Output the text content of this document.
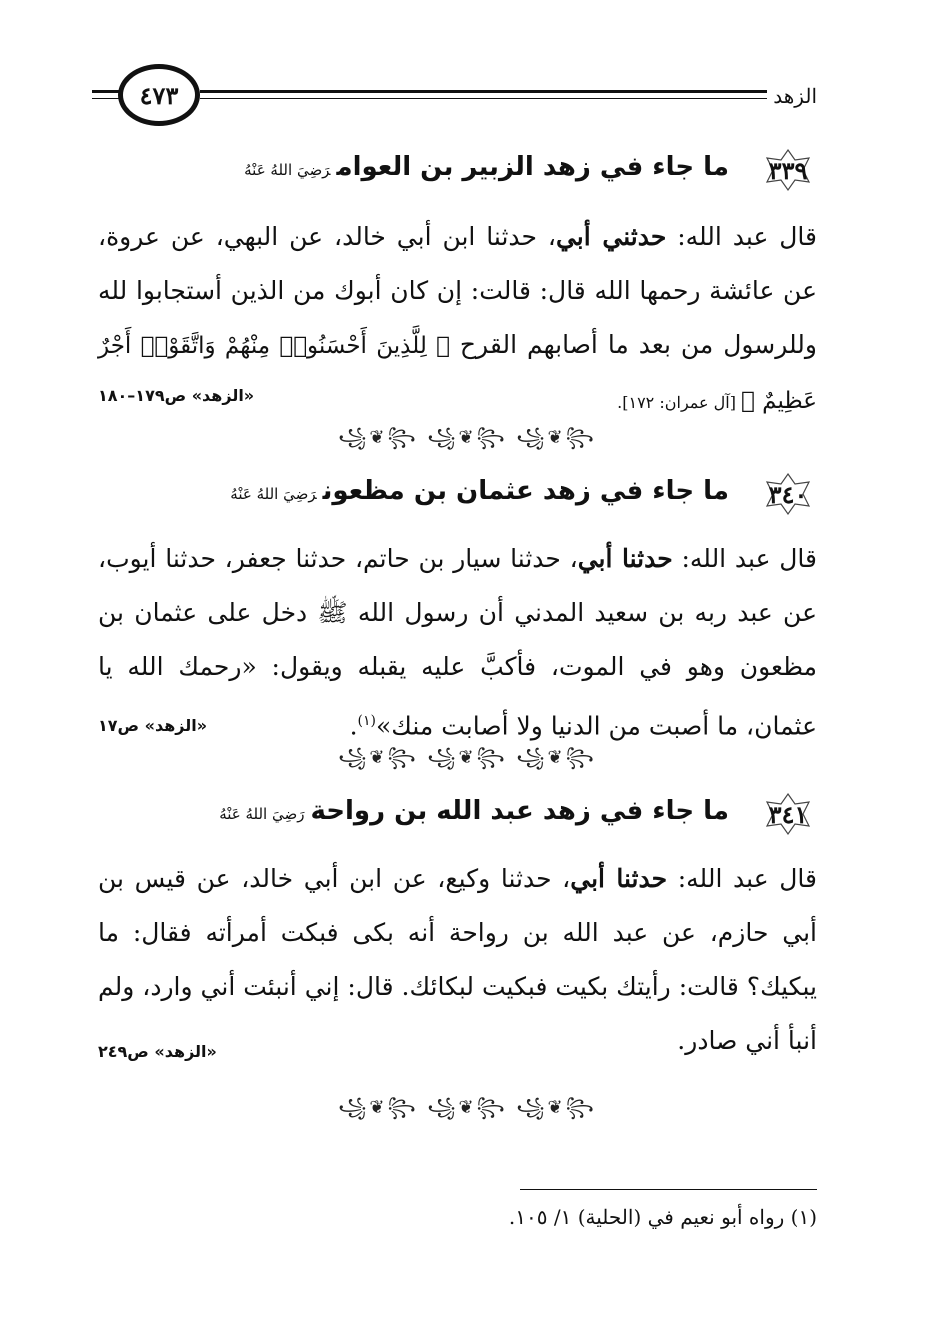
٤٧٣	الزهد
٣٣٩
ما جاء في زهد الزبير بن العوامرَضِيَ اللهُ عَنْهُ
قال عبد الله: حدثني أبي، حدثنا ابن أبي خالد، عن البهي، عن عروة، عن عائشة رحمها الله قال: قالت: إن كان أبوك من الذين أستجابوا لله وللرسول من بعد ما أصابهم القرح ﴿ لِلَّذِينَ أَحْسَنُوا۟ مِنْهُمْ وَاتَّقَوْا۟ أَجْرٌ عَظِيمٌ ﴾ [آل عمران: ١٧٢].
«الزهد» ص١٧٩–١٨٠
꧁❦꧂ ꧁❦꧂ ꧁❦꧂
٣٤٠
ما جاء في زهد عثمان بن مظعونرَضِيَ اللهُ عَنْهُ
قال عبد الله: حدثنا أبي، حدثنا سيار بن حاتم، حدثنا جعفر، حدثنا أيوب، عن عبد ربه بن سعيد المدني أن رسول الله ﷺ دخل على عثمان بن مظعون وهو في الموت، فأكبَّ عليه يقبله ويقول: «رحمك الله يا عثمان، ما أصبت من الدنيا ولا أصابت منك»$^{(١)}$.
«الزهد» ص١٧
꧁❦꧂ ꧁❦꧂ ꧁❦꧂
٣٤١
ما جاء في زهد عبد الله بن رواحةرَضِيَ اللهُ عَنْهُ
قال عبد الله: حدثنا أبي، حدثنا وكيع، عن ابن أبي خالد، عن قيس بن أبي حازم، عن عبد الله بن رواحة أنه بكى فبكت أمرأته فقال: ما يبكيك؟ قالت: رأيتك بكيت فبكيت لبكائك. قال: إني أنبئت أني وارد، ولم أنبأ أني صادر.
«الزهد» ص٢٤٩
꧁❦꧂ ꧁❦꧂ ꧁❦꧂
(١) رواه أبو نعيم في (الحلية) ١/ ١٠٥.
